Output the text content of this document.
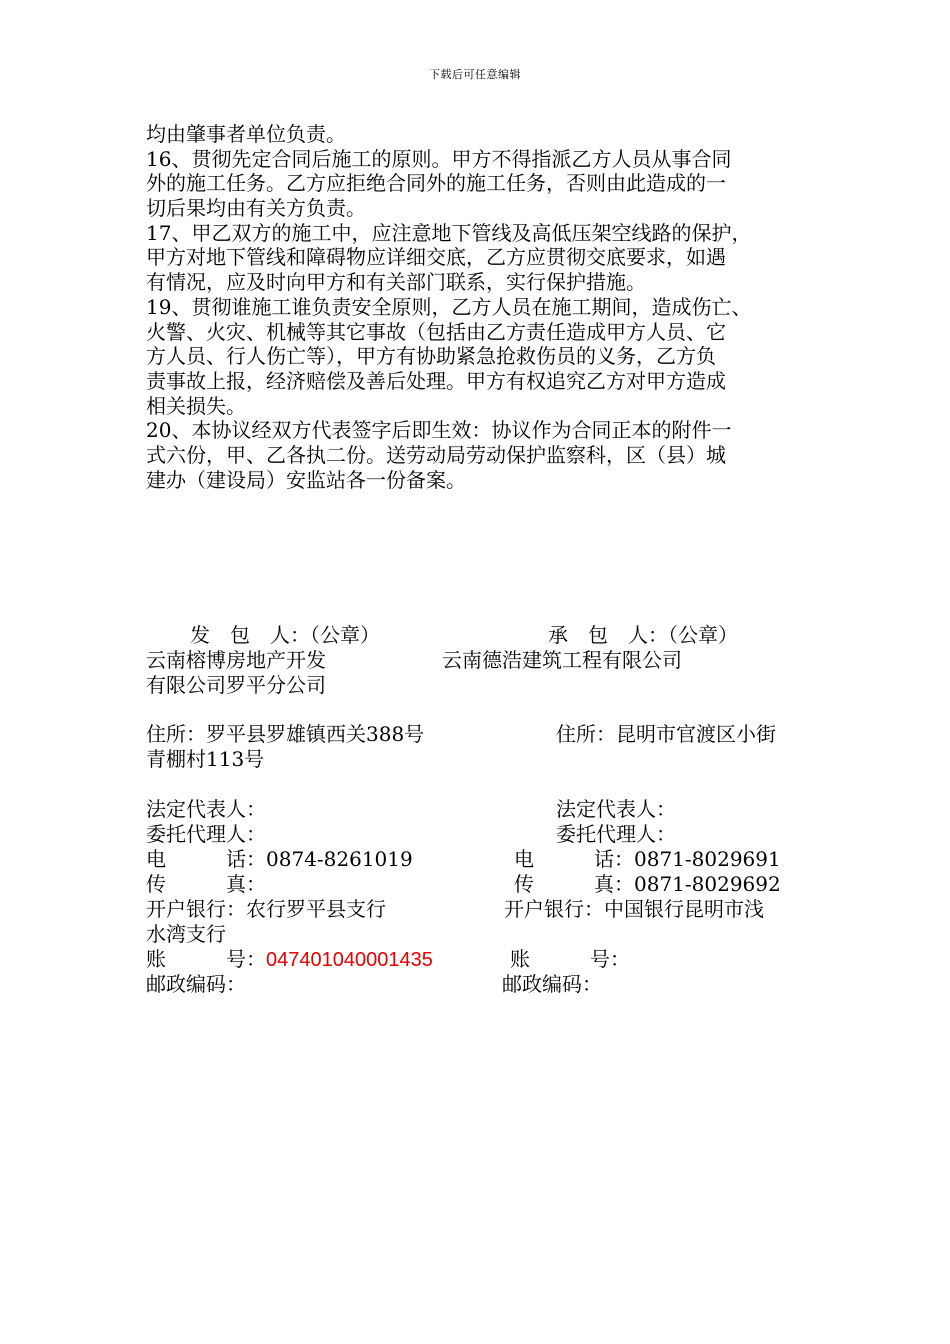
下载后可任意编辑
均由肇事者单位负责。
16、贯彻先定合同后施工的原则。甲方不得指派乙方人员从事合同
外的施工任务。乙方应拒绝合同外的施工任务，否则由此造成的一
切后果均由有关方负责。
17、甲乙双方的施工中，应注意地下管线及高低压架空线路的保护，
甲方对地下管线和障碍物应详细交底，乙方应贯彻交底要求，如遇
有情况，应及时向甲方和有关部门联系，实行保护措施。
19、贯彻谁施工谁负责安全原则，乙方人员在施工期间，造成伤亡、
火警、火灾、机械等其它事故（包括由乙方责任造成甲方人员、它
方人员、行人伤亡等），甲方有协助紧急抢救伤员的义务，乙方负
责事故上报，经济赔偿及善后处理。甲方有权追究乙方对甲方造成
相关损失。
20、本协议经双方代表签字后即生效：协议作为合同正本的附件一
式六份，甲、乙各执二份。送劳动局劳动保护监察科，区（县）城
建办（建设局）安监站各一份备案。
发　包　人：（公章）
云南榕博房地产开发
有限公司罗平分公司
住所：罗平县罗雄镇西关388号
青棚村113号
法定代表人：
委托代理人：
电　　　话：0874-8261019
传　　　真：
开户银行：农行罗平县支行
账　　　号：047401040001435
邮政编码：
承　包　人：（公章）
云南德浩建筑工程有限公司
住所：昆明市官渡区小街
法定代表人：
委托代理人：
电　　　话：0871-8029691
传　　　真：0871-8029692
开户银行：中国银行昆明市浅
水湾支行
账　　　号：
邮政编码：
